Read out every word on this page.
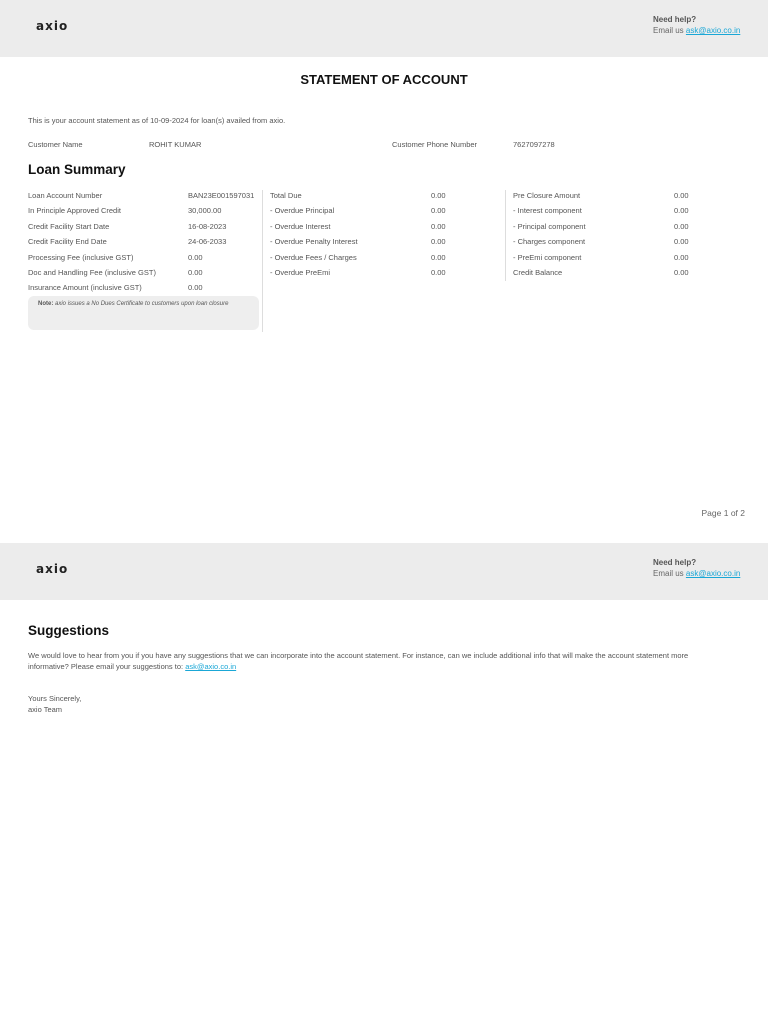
axio	Need help?
Email us ask@axio.co.in
STATEMENT OF ACCOUNT
This is your account statement as of 10-09-2024 for loan(s) availed from axio.
Customer Name	ROHIT KUMAR	Customer Phone Number	7627097278
Loan Summary
Loan Account Number	BAN23E001597031
In Principle Approved Credit	30,000.00
Credit Facility Start Date	16-08-2023
Credit Facility End Date	24-06-2033
Processing Fee (inclusive GST)	0.00
Doc and Handling Fee (inclusive GST)	0.00
Insurance Amount (inclusive GST)	0.00
Note: axio issues a No Dues Certificate to customers upon loan closure
Total Due	0.00
- Overdue Principal	0.00
- Overdue Interest	0.00
- Overdue Penalty Interest	0.00
- Overdue Fees / Charges	0.00
- Overdue PreEmi	0.00
Pre Closure Amount	0.00
- Interest component	0.00
- Principal component	0.00
- Charges component	0.00
- PreEmi component	0.00
Credit Balance	0.00
Page 1 of 2
axio	Need help?
Email us ask@axio.co.in
Suggestions
We would love to hear from you if you have any suggestions that we can incorporate into the account statement. For instance, can we include additional info that will make the account statement more informative? Please email your suggestions to: ask@axio.co.in
Yours Sincerely,
axio Team
